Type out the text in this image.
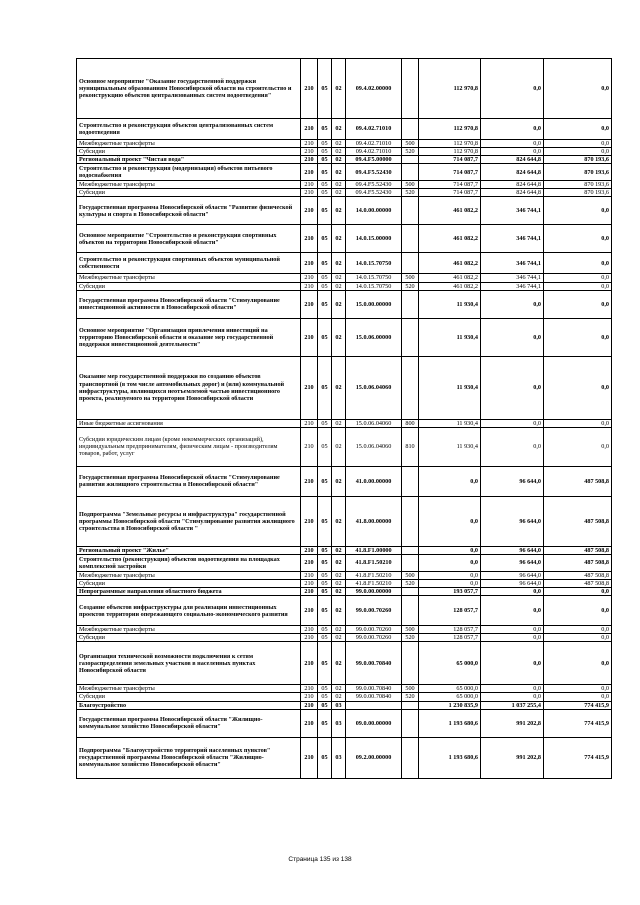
Основное мероприятие "Оказание государственной поддержки муниципальным образованиям Новосибирской области на строительство и реконструкцию объектов централизованных систем водоотведения"	210	05	02	09.4.02.00000		112 970,8	0,0	0,0
Строительство и реконструкция объектов централизованных систем водоотведения	210	05	02	09.4.02.71010		112 970,8	0,0	0,0
Межбюджетные трансферты	210	05	02	09.4.02.71010	500	112 970,8	0,0	0,0
Субсидии	210	05	02	09.4.02.71010	520	112 970,8	0,0	0,0
Региональный проект "Чистая вода"	210	05	02	09.4.F5.00000		714 087,7	824 644,8	870 193,6
Строительство и реконструкция (модернизация) объектов питьевого водоснабжения	210	05	02	09.4.F5.52430		714 087,7	824 644,8	870 193,6
Межбюджетные трансферты	210	05	02	09.4.F5.52430	500	714 087,7	824 644,8	870 193,6
Субсидии	210	05	02	09.4.F5.52430	520	714 087,7	824 644,8	870 193,6
Государственная программа Новосибирской области "Развитие физической культуры и спорта в Новосибирской области"	210	05	02	14.0.00.00000		461 082,2	346 744,1	0,0
Основное мероприятие "Строительство и реконструкция спортивных объектов на территории Новосибирской области"	210	05	02	14.0.15.00000		461 082,2	346 744,1	0,0
Строительство и реконструкция спортивных объектов муниципальной собственности	210	05	02	14.0.15.70750		461 082,2	346 744,1	0,0
Межбюджетные трансферты	210	05	02	14.0.15.70750	500	461 082,2	346 744,1	0,0
Субсидии	210	05	02	14.0.15.70750	520	461 082,2	346 744,1	0,0
Государственная программа Новосибирской области "Стимулирование инвестиционной активности в Новосибирской области"	210	05	02	15.0.00.00000		11 930,4	0,0	0,0
Основное мероприятие "Организация привлечения инвестиций на территорию Новосибирской области и оказание мер государственной поддержки инвестиционной деятельности"	210	05	02	15.0.06.00000		11 930,4	0,0	0,0
Оказание мер государственной поддержки по созданию объектов транспортной (в том числе автомобильных дорог) и (или) коммунальной инфраструктуры, являющихся неотъемлемой частью инвестиционного проекта, реализуемого на территории Новосибирской области	210	05	02	15.0.06.04060		11 930,4	0,0	0,0
Иные бюджетные ассигнования	210	05	02	15.0.06.04060	800	11 930,4	0,0	0,0
Субсидии юридическим лицам (кроме некоммерческих организаций), индивидуальным предпринимателям, физическим лицам - производителям товаров, работ, услуг	210	05	02	15.0.06.04060	810	11 930,4	0,0	0,0
Государственная программа Новосибирской области "Стимулирование развития жилищного строительства в Новосибирской области"	210	05	02	41.0.00.00000		0,0	96 644,0	487 508,8
Подпрограмма "Земельные ресурсы и инфраструктура" государственной программы Новосибирской области "Стимулирование развития жилищного строительства в Новосибирской области "	210	05	02	41.8.00.00000		0,0	96 644,0	487 508,8
Региональный проект "Жилье"	210	05	02	41.8.F1.00000		0,0	96 644,0	487 508,8
Строительство (реконструкция) объектов водоотведения на площадках комплексной застройки	210	05	02	41.8.F1.50210		0,0	96 644,0	487 508,8
Межбюджетные трансферты	210	05	02	41.8.F1.50210	500	0,0	96 644,0	487 508,8
Субсидии	210	05	02	41.8.F1.50210	520	0,0	96 644,0	487 508,8
Непрограммные направления областного бюджета	210	05	02	99.0.00.00000		193 057,7	0,0	0,0
Создание объектов инфраструктуры для реализации инвестиционных проектов территории опережающего социально-экономического развития	210	05	02	99.0.00.70260		128 057,7	0,0	0,0
Межбюджетные трансферты	210	05	02	99.0.00.70260	500	128 057,7	0,0	0,0
Субсидии	210	05	02	99.0.00.70260	520	128 057,7	0,0	0,0
Организация технической возможности подключения к сетям газораспределения земельных участков в населенных пунктах Новосибирской области	210	05	02	99.0.00.70840		65 000,0	0,0	0,0
Межбюджетные трансферты	210	05	02	99.0.00.70840	500	65 000,0	0,0	0,0
Субсидии	210	05	02	99.0.00.70840	520	65 000,0	0,0	0,0
Благоустройство	210	05	03			1 230 835,9	1 037 255,4	774 415,9
Государственная программа Новосибирской области "Жилищно-коммунальное хозяйство Новосибирской области"	210	05	03	09.0.00.00000		1 193 680,6	991 202,8	774 415,9
Подпрограмма "Благоустройство территорий населенных пунктов" государственной программы Новосибирской области "Жилищно-коммунальное хозяйство Новосибирской области"	210	05	03	09.2.00.00000		1 193 680,6	991 202,8	774 415,9
Страница 135 из 138
